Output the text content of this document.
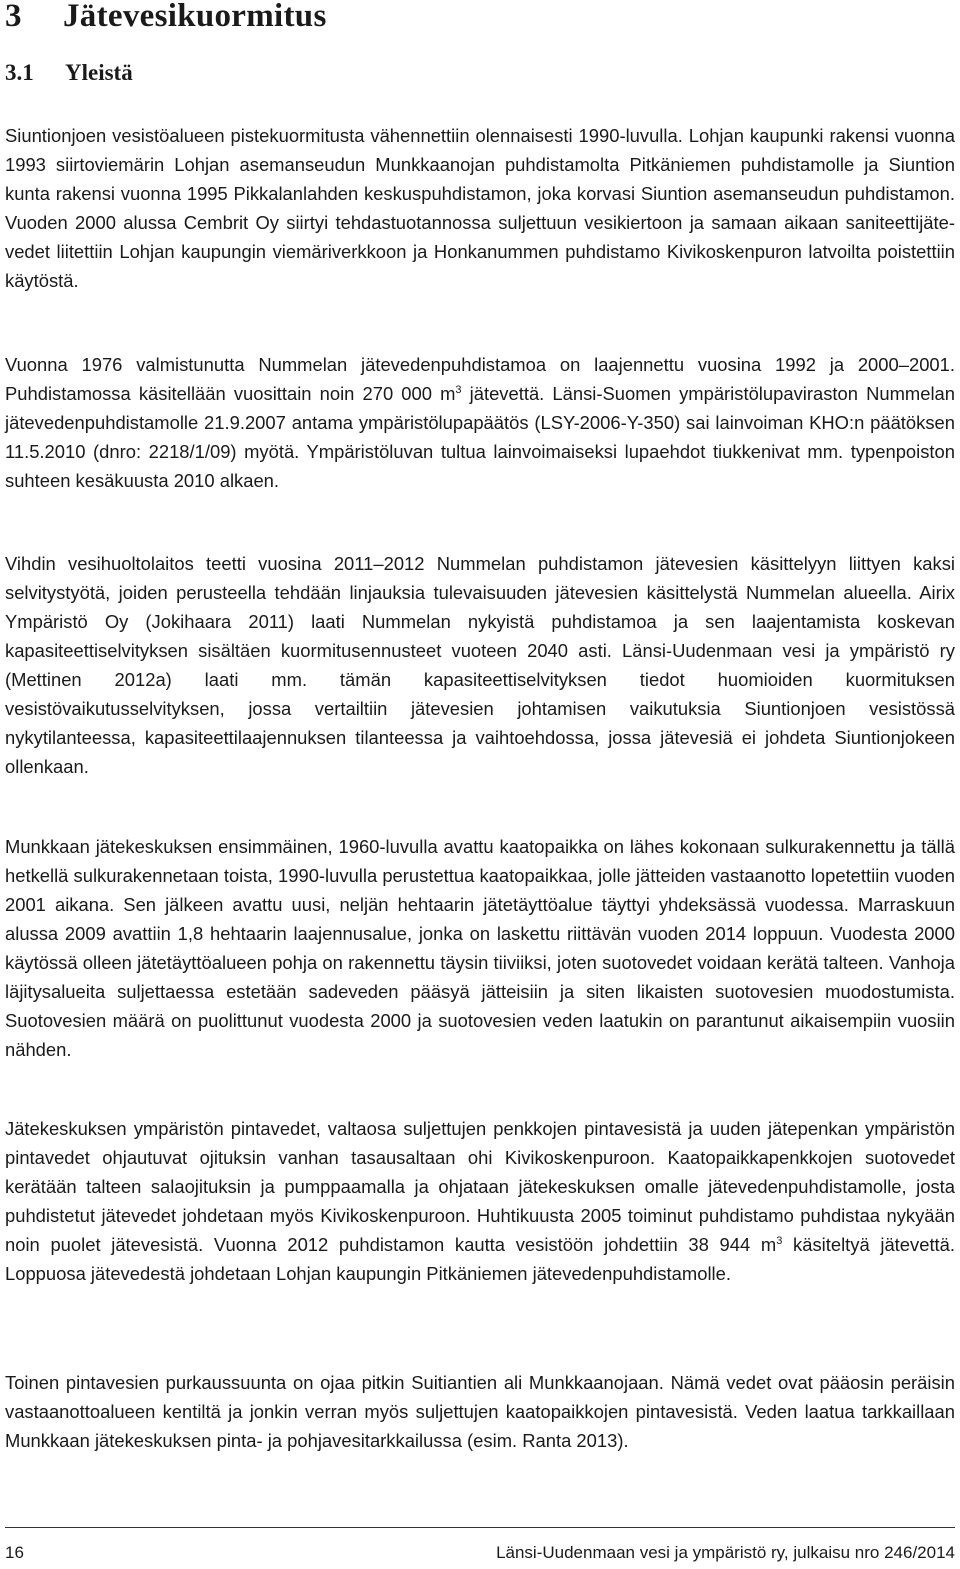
3 Jätevesikuormitus
3.1 Yleistä

Siuntionjoen vesistöalueen pistekuormitusta vähennettiin olennaisesti 1990-luvulla. Lohjan kaupunki rakensi vuonna 1993 siirtoviemärin Lohjan asemanseudun Munkkaanojan puhdistamolta Pitkäniemen puhdistamolle ja Siuntion kunta rakensi vuonna 1995 Pikkalanlahden keskuspuhdistamon, joka korvasi Siuntion asemanseudun puhdistamon. Vuoden 2000 alussa Cembrit Oy siirtyi tehdastuotannossa suljettuun vesikiertoon ja samaan aikaan saniteettijätevedet liitettiin Lohjan kaupungin viemäriverkkoon ja Honkanummen puhdistamo Kivikoskenpuron latvoilta poistettiin käytöstä.

Vuonna 1976 valmistunutta Nummelan jätevedenpuhdistamoa on laajennettu vuosina 1992 ja 2000–2001. Puhdistamossa käsitellään vuosittain noin 270 000 $m^3$ jätevettä. Länsi-Suomen ympäristölupaviraston Nummelan jätevedenpuhdistamolle 21.9.2007 antama ympäristölupapäätös (LSY-2006-Y-350) sai lainvoiman KHO:n päätöksen 11.5.2010 (dnro: 2218/1/09) myötä. Ympäristöluvan tultua lainvoimaiseksi lupaehdot tiukkenivat mm. typenpoiston suhteen kesäkuusta 2010 alkaen.

Vihdin vesihuoltolaitos teetti vuosina 2011–2012 Nummelan puhdistamon jätevesien käsittelyyn liittyen kaksi selvitystyötä, joiden perusteella tehdään linjauksia tulevaisuuden jätevesien käsittelystä Nummelan alueella. Airix Ympäristö Oy (Jokihaara 2011) laati Nummelan nykyistä puhdistamoa ja sen laajentamista koskevan kapasiteettiselvityksen sisältäen kuormitusennusteet vuoteen 2040 asti. Länsi-Uudenmaan vesi ja ympäristö ry (Mettinen 2012a) laati mm. tämän kapasiteettiselvityksen tiedot huomioiden kuormituksen vesistövaikutusselvityksen, jossa vertailtiin jätevesien johtamisen vaikutuksia Siuntionjoen vesistössä nykytilanteessa, kapasiteettilaajennuksen tilanteessa ja vaihtoehdossa, jossa jätevesiä ei johdeta Siuntionjokeen ollenkaan.

Munkkaan jätekeskuksen ensimmäinen, 1960-luvulla avattu kaatopaikka on lähes kokonaan sulkurakennettu ja tällä hetkellä sulkurakennetaan toista, 1990-luvulla perustettua kaatopaikkaa, jolle jätteiden vastaanotto lopetettiin vuoden 2001 aikana. Sen jälkeen avattu uusi, neljän hehtaarin jätetäyttöalue täyttyi yhdeksässä vuodessa. Marraskuun alussa 2009 avattiin 1,8 hehtaarin laajennusalue, jonka on laskettu riittävän vuoden 2014 loppuun. Vuodesta 2000 käytössä olleen jätetäyttöalueen pohja on rakennettu täysin tiiviiksi, joten suotovedet voidaan kerätä talteen. Vanhoja läjitysalueita suljettaessa estetään sadeveden pääsyä jätteisiin ja siten likaisten suotovesien muodostumista. Suotovesien määrä on puolittunut vuodesta 2000 ja suotovesien veden laatukin on parantunut aikaisempiin vuosiin nähden.

Jätekeskuksen ympäristön pintavedet, valtaosa suljettujen penkkojen pintavesistä ja uuden jätepenkan ympäristön pintavedet ohjautuvat ojituksin vanhan tasausaltaan ohi Kivikoskenpuroon. Kaatopaikkapenkkojen suotovedet kerätään talteen salaojituksin ja pumppaamalla ja ohjataan jätekeskuksen omalle jätevedenpuhdistamolle, josta puhdistetut jätevedet johdetaan myös Kivikoskenpuroon. Huhtikuusta 2005 toiminut puhdistamo puhdistaa nykyään noin puolet jätevesistä. Vuonna 2012 puhdistamon kautta vesistöön johdettiin 38 944 $m^3$ käsiteltyä jätevettä. Loppuosa jätevedestä johdetaan Lohjan kaupungin Pitkäniemen jätevedenpuhdistamolle.

Toinen pintavesien purkaussuunta on ojaa pitkin Suitiantien ali Munkkaanojaan. Nämä vedet ovat pääosin peräisin vastaanottoalueen kentiltä ja jonkin verran myös suljettujen kaatopaikkojen pintavesistä. Veden laatua tarkkaillaan Munkkaan jätekeskuksen pinta- ja pohjavesitarkkailussa (esim. Ranta 2013).

16	Länsi-Uudenmaan vesi ja ympäristö ry, julkaisu nro 246/2014
